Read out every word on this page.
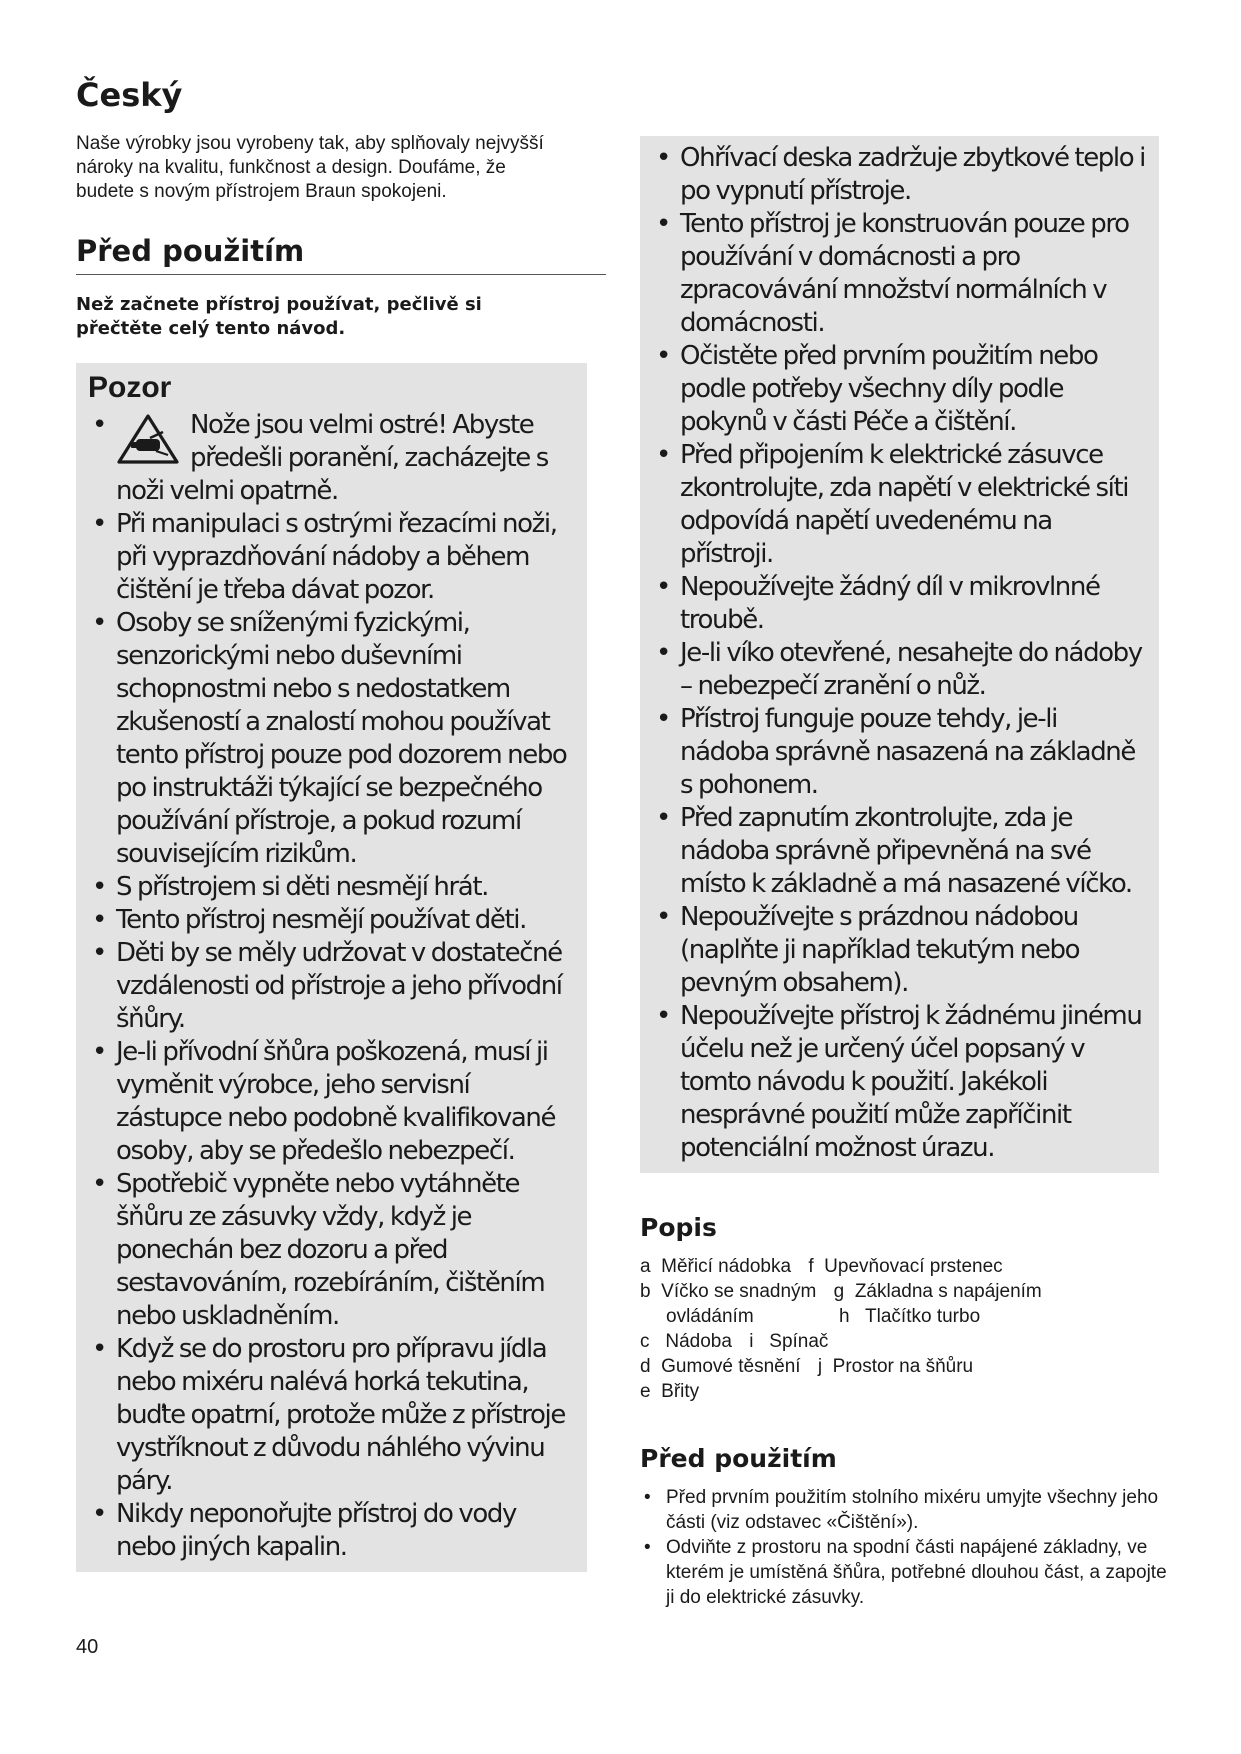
Český

Naše výrobky jsou vyrobeny tak, aby splňovaly nejvyšší nároky na kvalitu, funkčnost a design. Doufáme, že budete s novým přístrojem Braun spokojeni.

Před použitím

Než začnete přístroj používat, pečlivě si přečtěte celý tento návod.

Pozor
• Nože jsou velmi ostré! Abyste předešli poranění, zacházejte s noži velmi opatrně.
• Při manipulaci s ostrými řezacími noži, při vyprazdňování nádoby a během čištění je třeba dávat pozor.
• Osoby se sníženými fyzickými, senzorickými nebo duševními schopnostmi nebo s nedostatkem zkušeností a znalostí mohou používat tento přístroj pouze pod dozorem nebo po instruktáži týkající se bezpečného používání přístroje, a pokud rozumí souvisejícím rizikům.
• S přístrojem si děti nesmějí hrát.
• Tento přístroj nesmějí používat děti.
• Děti by se měly udržovat v dostatečné vzdálenosti od přístroje a jeho přívodní šňůry.
• Je-li přívodní šňůra poškozená, musí ji vyměnit výrobce, jeho servisní zástupce nebo podobně kvalifikované osoby, aby se předešlo nebezpečí.
• Spotřebič vypněte nebo vytáhněte šňůru ze zásuvky vždy, když je ponechán bez dozoru a před sestavováním, rozebíráním, čištěním nebo uskladněním.
• Když se do prostoru pro přípravu jídla nebo mixéru nalévá horká tekutina, buďte opatrní, protože může z přístroje vystříknout z důvodu náhlého vývinu páry.
• Nikdy neponořujte přístroj do vody nebo jiných kapalin.
• Ohřívací deska zadržuje zbytkové teplo i po vypnutí přístroje.
• Tento přístroj je konstruován pouze pro používání v domácnosti a pro zpracovávání množství normálních v domácnosti.
• Očistěte před prvním použitím nebo podle potřeby všechny díly podle pokynů v části Péče a čištění.
• Před připojením k elektrické zásuvce zkontrolujte, zda napětí v elektrické síti odpovídá napětí uvedenému na přístroji.
• Nepoužívejte žádný díl v mikrovlnné troubě.
• Je-li víko otevřené, nesahejte do nádoby – nebezpečí zranění o nůž.
• Přístroj funguje pouze tehdy, je-li nádoba správně nasazená na základně s pohonem.
• Před zapnutím zkontrolujte, zda je nádoba správně připevněná na své místo k základně a má nasazené víčko.
• Nepoužívejte s prázdnou nádobou (naplňte ji například tekutým nebo pevným obsahem).
• Nepoužívejte přístroj k žádnému jinému účelu než je určený účel popsaný v tomto návodu k použití. Jakékoli nesprávné použití může zapříčinit potenciální možnost úrazu.
Popis
a Měřicí nádobka f Upevňovací prstenec
b Víčko se snadným g Základna s napájením
ovládáním	h Tlačítko turbo
c Nádoba i Spínač
d Gumové těsnění j Prostor na šňůru
e Břity
Před použitím
• Před prvním použitím stolního mixéru umyjte všechny jeho části (viz odstavec «Čištění»).
• Odviňte z prostoru na spodní části napájené základny, ve kterém je umístěná šňůra, potřebné dlouhou část, a zapojte ji do elektrické zásuvky.
40
